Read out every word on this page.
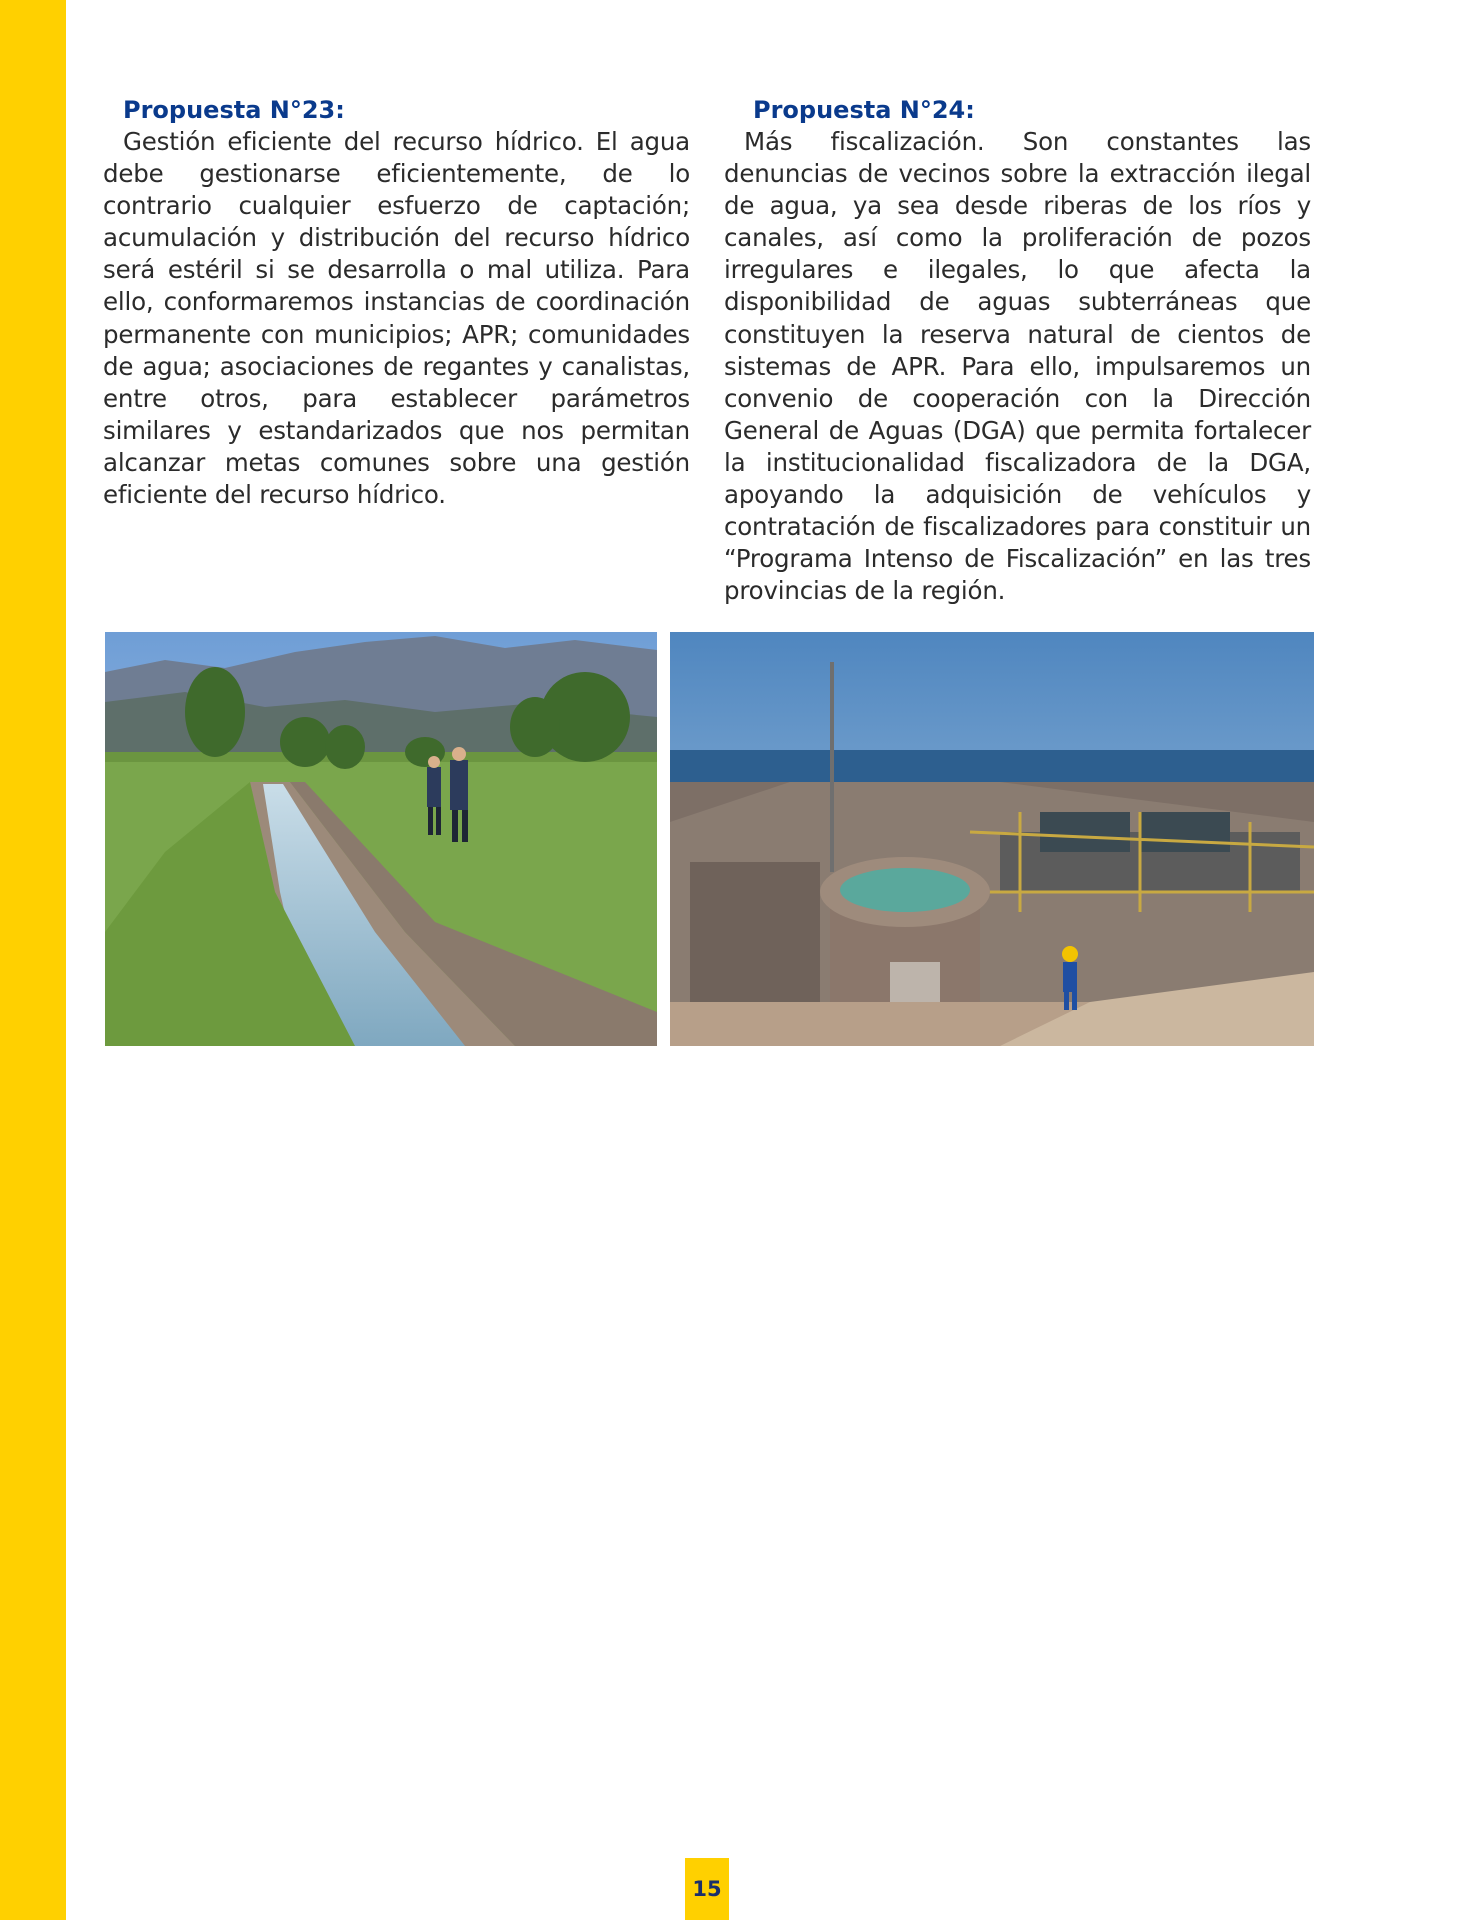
Propuesta N°23:

Gestión eficiente del recurso hídrico. El agua debe gestionarse eficientemente, de lo contrario cualquier esfuerzo de captación; acumulación y distribución del recurso hídrico será estéril si se desarrolla o mal utiliza. Para ello, conformaremos instancias de coordinación permanente con municipios; APR; comunidades de agua; asociaciones de regantes y canalistas, entre otros, para establecer parámetros similares y estandarizados que nos permitan alcanzar metas comunes sobre una gestión eficiente del recurso hídrico.

Propuesta N°24:

Más fiscalización. Son constantes las denuncias de vecinos sobre la extracción ilegal de agua, ya sea desde riberas de los ríos y canales, así como la proliferación de pozos irregulares e ilegales, lo que afecta la disponibilidad de aguas subterráneas que constituyen la reserva natural de cientos de sistemas de APR. Para ello, impulsaremos un convenio de cooperación con la Dirección General de Aguas (DGA) que permita fortalecer la institucionalidad fiscalizadora de la DGA, apoyando la adquisición de vehículos y contratación de fiscalizadores para constituir un “Programa Intenso de Fiscalización” en las tres provincias de la región.

15
